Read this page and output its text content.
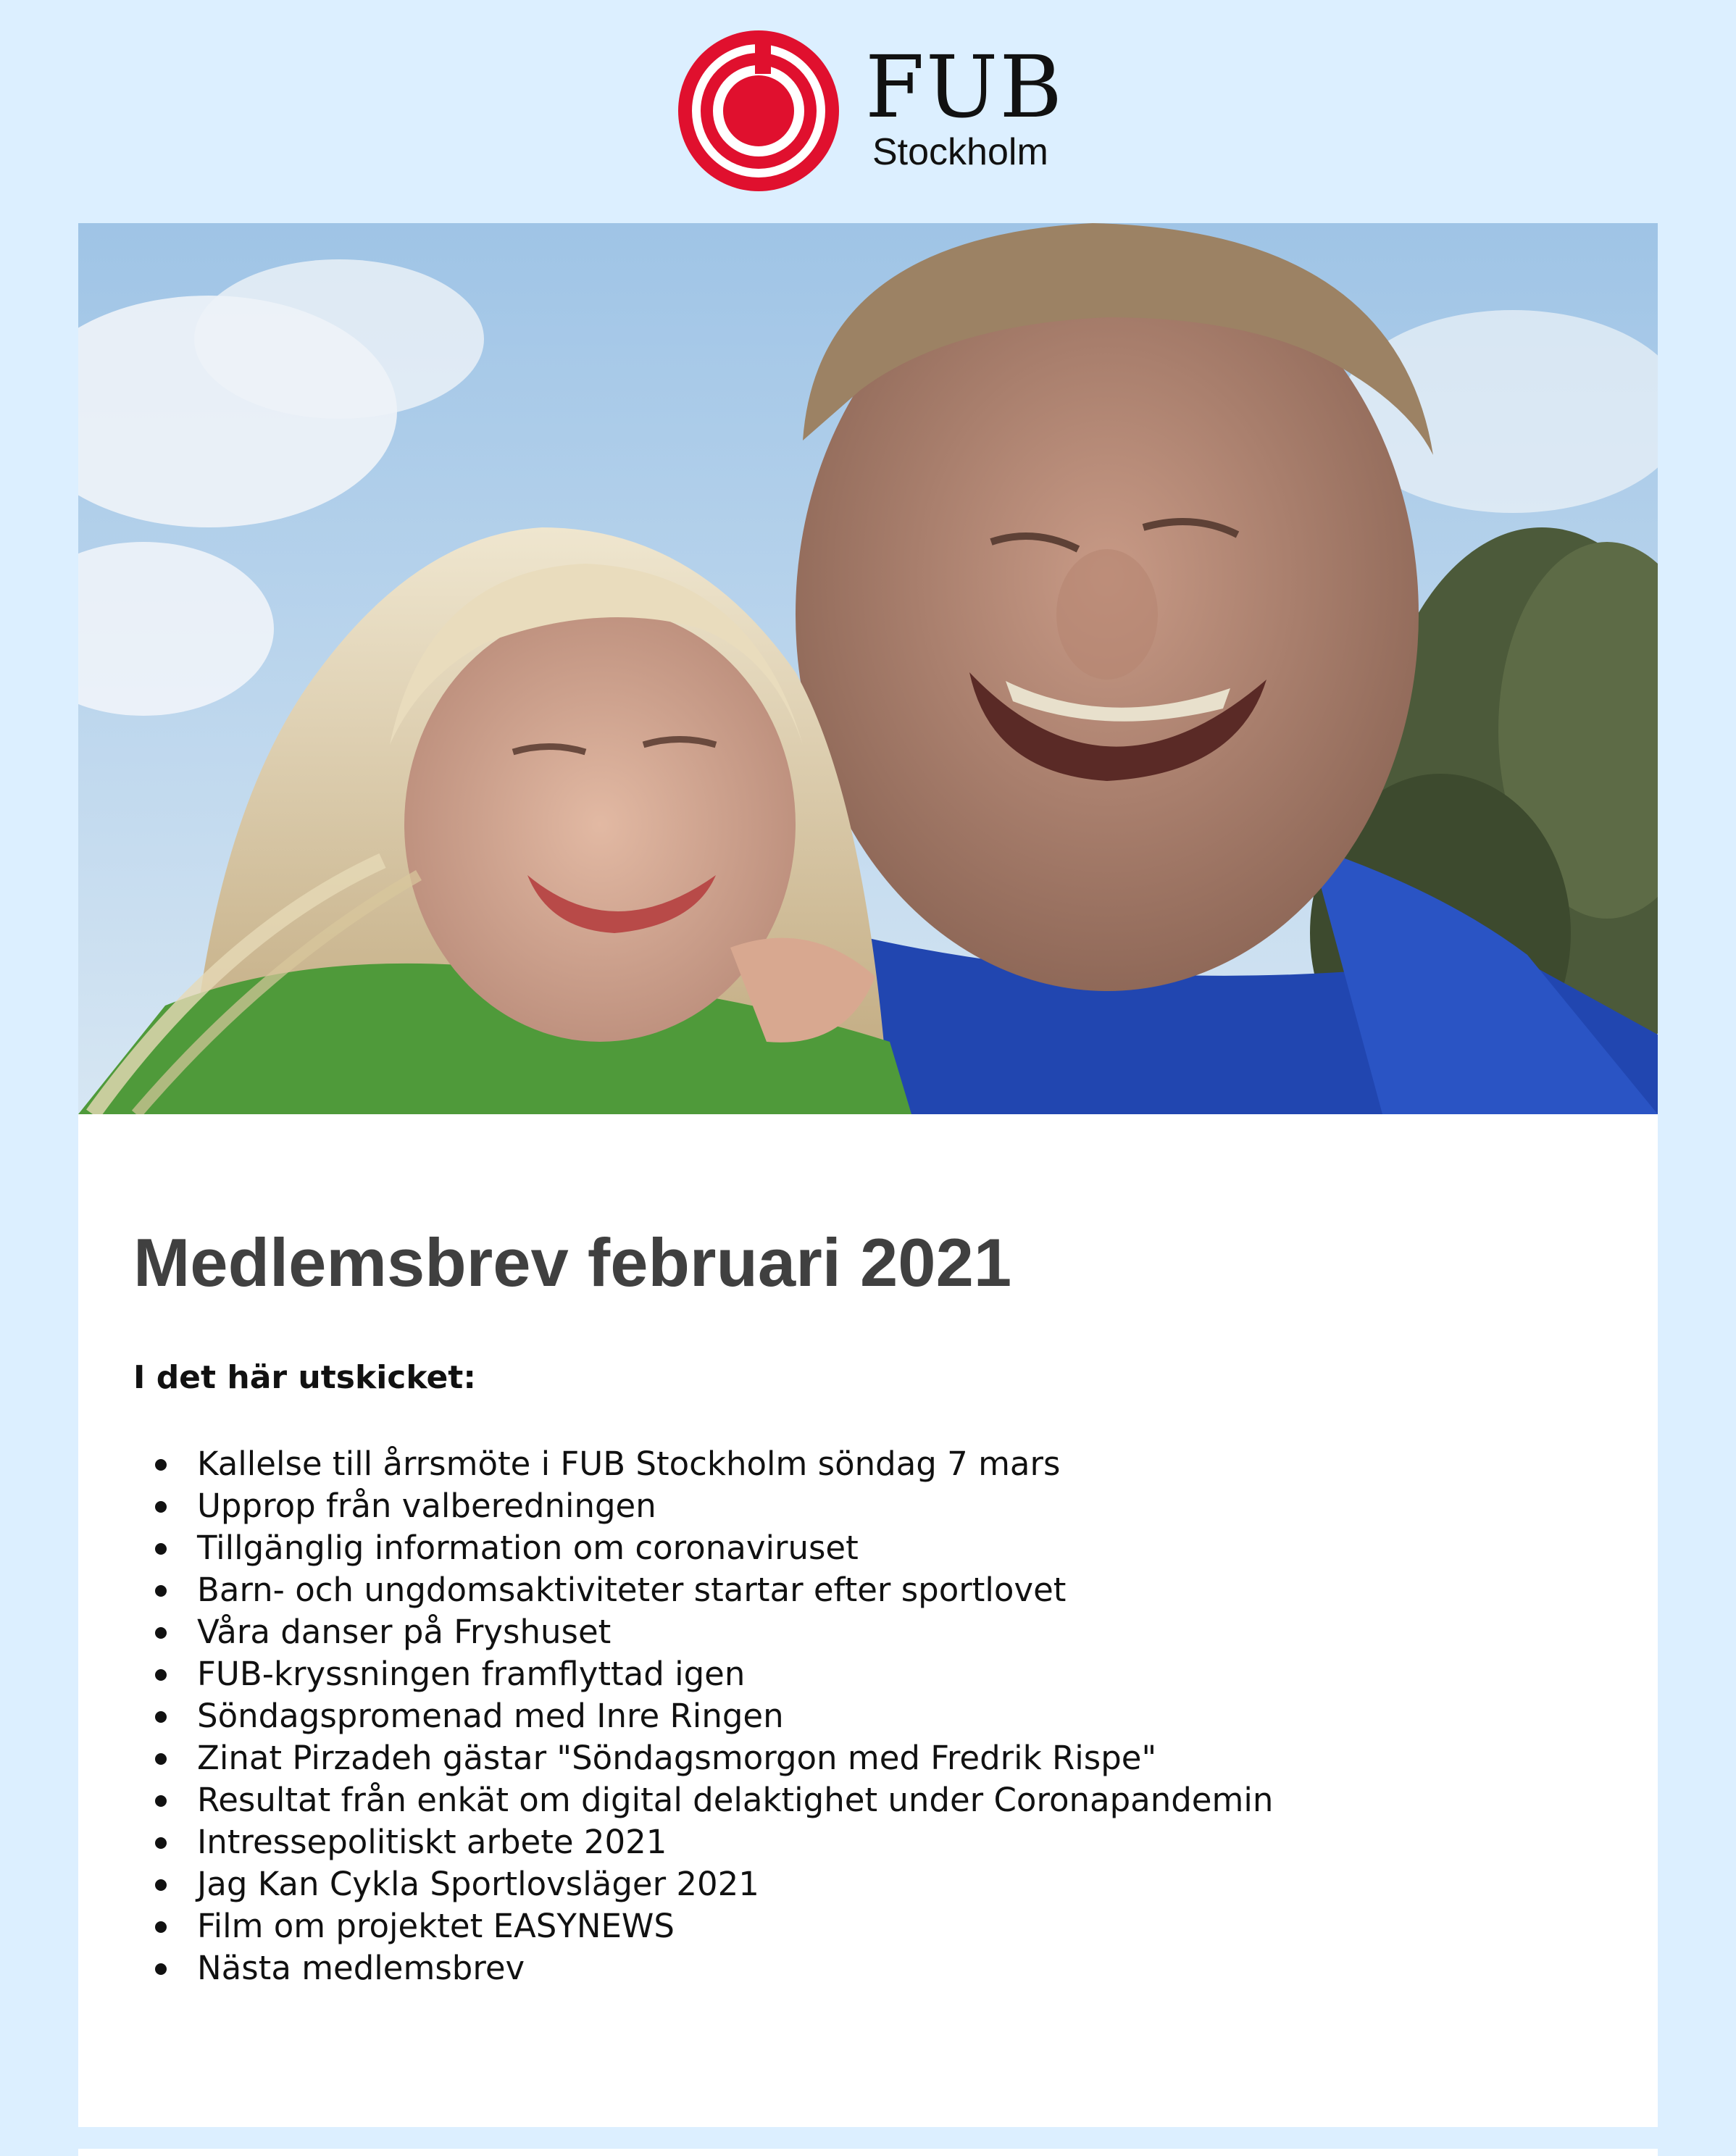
FUB
Stockholm
Medlemsbrev februari 2021
I det här utskicket:
Kallelse till årrsmöte i FUB Stockholm söndag 7 mars
Upprop från valberedningen
Tillgänglig information om coronaviruset
Barn- och ungdomsaktiviteter startar efter sportlovet
Våra danser på Fryshuset
FUB-kryssningen framflyttad igen
Söndagspromenad med Inre Ringen
Zinat Pirzadeh gästar "Söndagsmorgon med Fredrik Rispe"
Resultat från enkät om digital delaktighet under Coronapandemin
Intressepolitiskt arbete 2021
Jag Kan Cykla Sportlovsläger 2021
Film om projektet EASYNEWS
Nästa medlemsbrev
